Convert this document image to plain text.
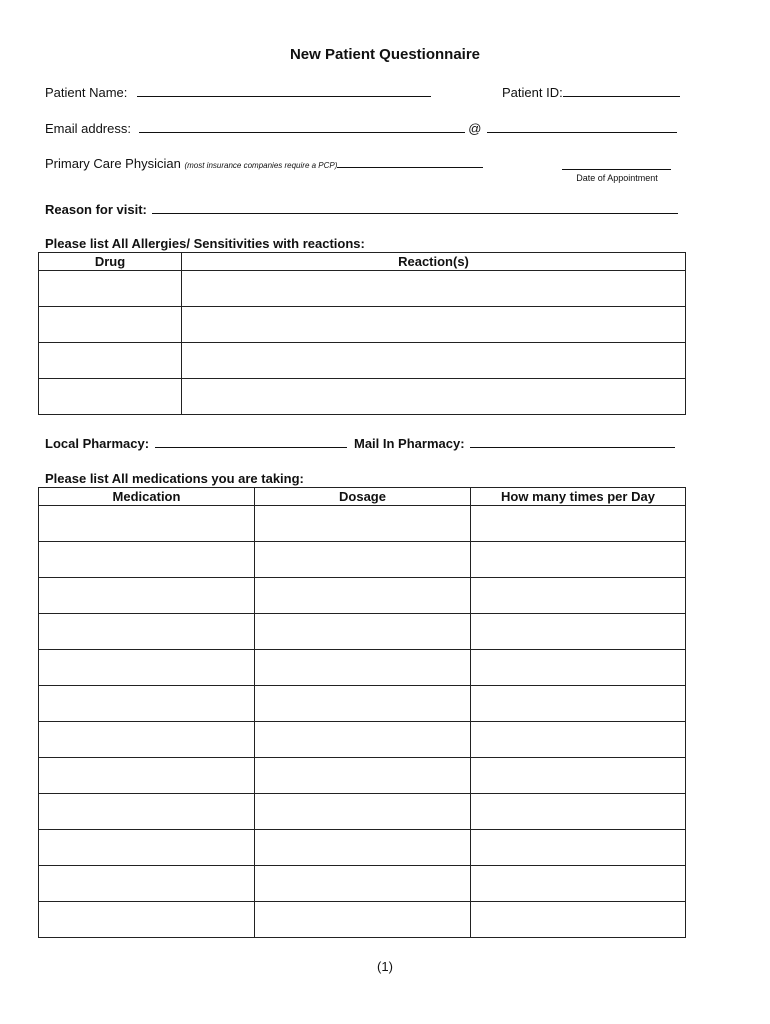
New Patient Questionnaire
Patient Name:	Patient ID:
Email address:	@
Primary Care Physician (most insurance companies require a PCP)
Date of Appointment
Reason for visit:
Please list All Allergies/ Sensitivities with reactions:
Drug	Reaction(s)

Local Pharmacy:	Mail In Pharmacy:
Please list All medications you are taking:
Medication	Dosage	How many times per Day

(1)
